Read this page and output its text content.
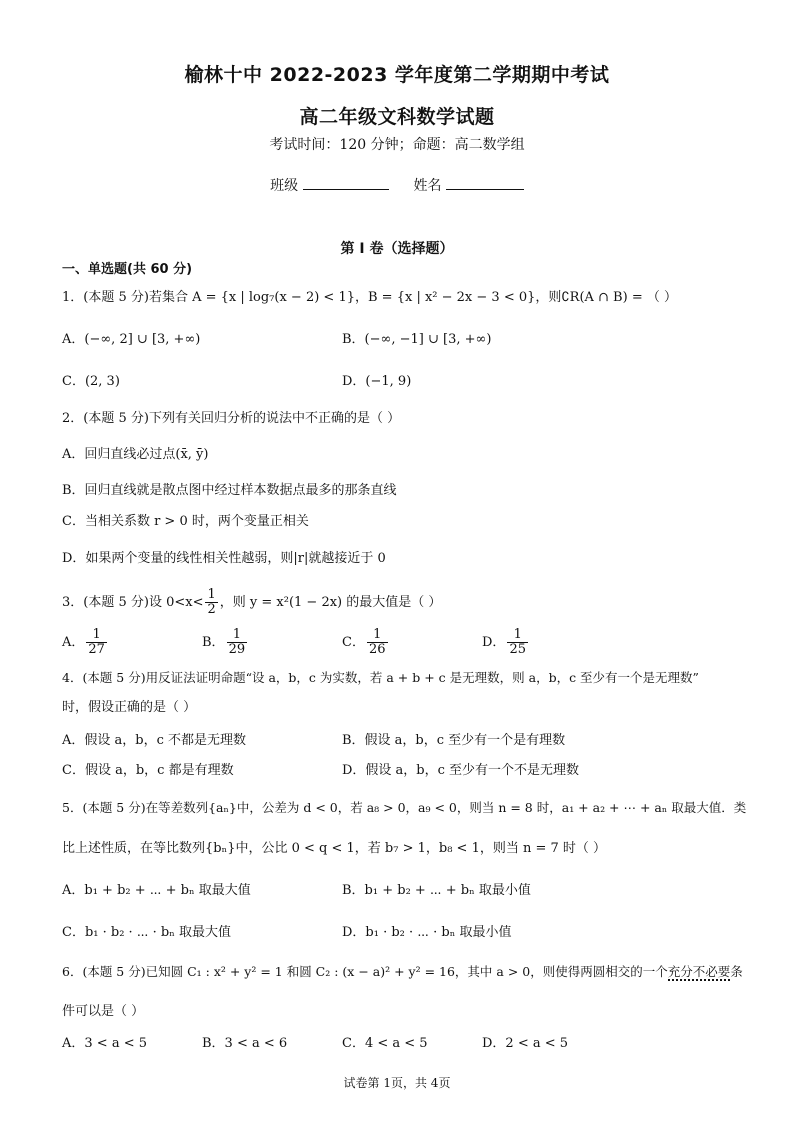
榆林十中 2022-2023 学年度第二学期期中考试
高二年级文科数学试题
考试时间：120 分钟；命题：高二数学组
班级	姓名
第 I 卷（选择题）
一、单选题(共 60 分)
1．(本题 5 分)若集合 A = {x | log₇(x − 2) < 1}，B = {x | x² − 2x − 3 < 0}，则∁R(A ∩ B) = （ ）
A．(−∞, 2] ∪ [3, +∞)	B．(−∞, −1] ∪ [3, +∞)
C．(2, 3)	D．(−1, 9)
2．(本题 5 分)下列有关回归分析的说法中不正确的是（ ）
A．回归直线必过点(x̄, ȳ)
B．回归直线就是散点图中经过样本数据点最多的那条直线
C．当相关系数 r > 0 时，两个变量正相关
D．如果两个变量的线性相关性越弱，则|r|就越接近于 0
3．(本题 5 分)设 $0<x< \frac{1}{2}$ ，则 y = x²(1 − 2x) 的最大值是（ ）
A． $\frac{1}{27}$	B． $\frac{1}{29}$	C． $\frac{1}{26}$	D． $\frac{1}{25}$
4．(本题 5 分)用反证法证明命题“设 a，b，c 为实数，若 a + b + c 是无理数，则 a，b，c 至少有一个是无理数”
时，假设正确的是（ ）
A．假设 a，b，c 不都是无理数	B．假设 a，b，c 至少有一个是有理数
C．假设 a，b，c 都是有理数	D．假设 a，b，c 至少有一个不是无理数
5．(本题 5 分)在等差数列{aₙ}中，公差为 d < 0，若 a₈ > 0，a₉ < 0，则当 n = 8 时，a₁ + a₂ + ⋯ + aₙ 取最大值．类
比上述性质，在等比数列{bₙ}中，公比 0 < q < 1，若 b₇ > 1，b₈ < 1，则当 n = 7 时（ ）
A．b₁ + b₂ + ⋯ + bₙ 取最大值	B．b₁ + b₂ + ⋯ + bₙ 取最小值
C．b₁ · b₂ · ⋯ · bₙ 取最大值	D．b₁ · b₂ · ⋯ · bₙ 取最小值
6．(本题 5 分)已知圆 C₁ : x² + y² = 1 和圆 C₂ : (x − a)² + y² = 16，其中 a > 0，则使得两圆相交的一个充分不必要条
件可以是（ ）
A．3 < a < 5	B．3 < a < 6	C．4 < a < 5	D．2 < a < 5
试卷第 1页，共 4页
